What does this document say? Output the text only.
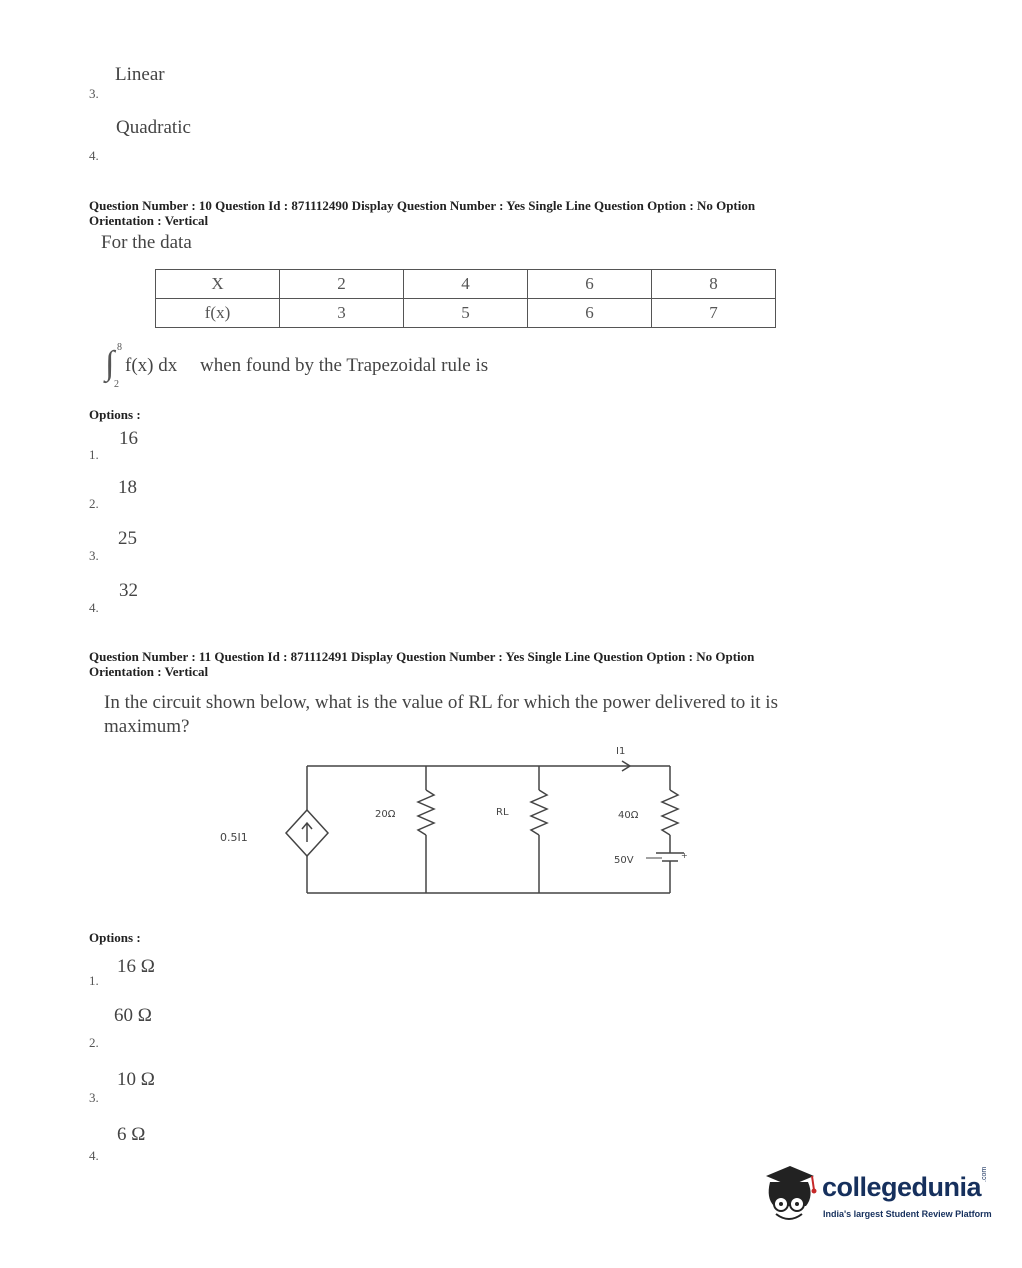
Linear
3.
Quadratic
4.
Question Number : 10 Question Id : 871112490 Display Question Number : Yes Single Line Question Option : No Option
Orientation : Vertical
For the data
X	2	4	6	8
f(x)	3	5	6	7
∫ 8
2
f(x) dx when found by the Trapezoidal rule is
Options :
16
1.
18
2.
25
3.
32
4.
Question Number : 11 Question Id : 871112491 Display Question Number : Yes Single Line Question Option : No Option
Orientation : Vertical
In the circuit shown below, what is the value of RL for which the power delivered to it is
maximum?
+
0.5I1
20Ω	RL	40Ω
I1
50V
Options :
16 Ω
1.
60 Ω
2.
10 Ω
3.
6 Ω
4.
collegedunia .com
India's largest Student Review Platform
